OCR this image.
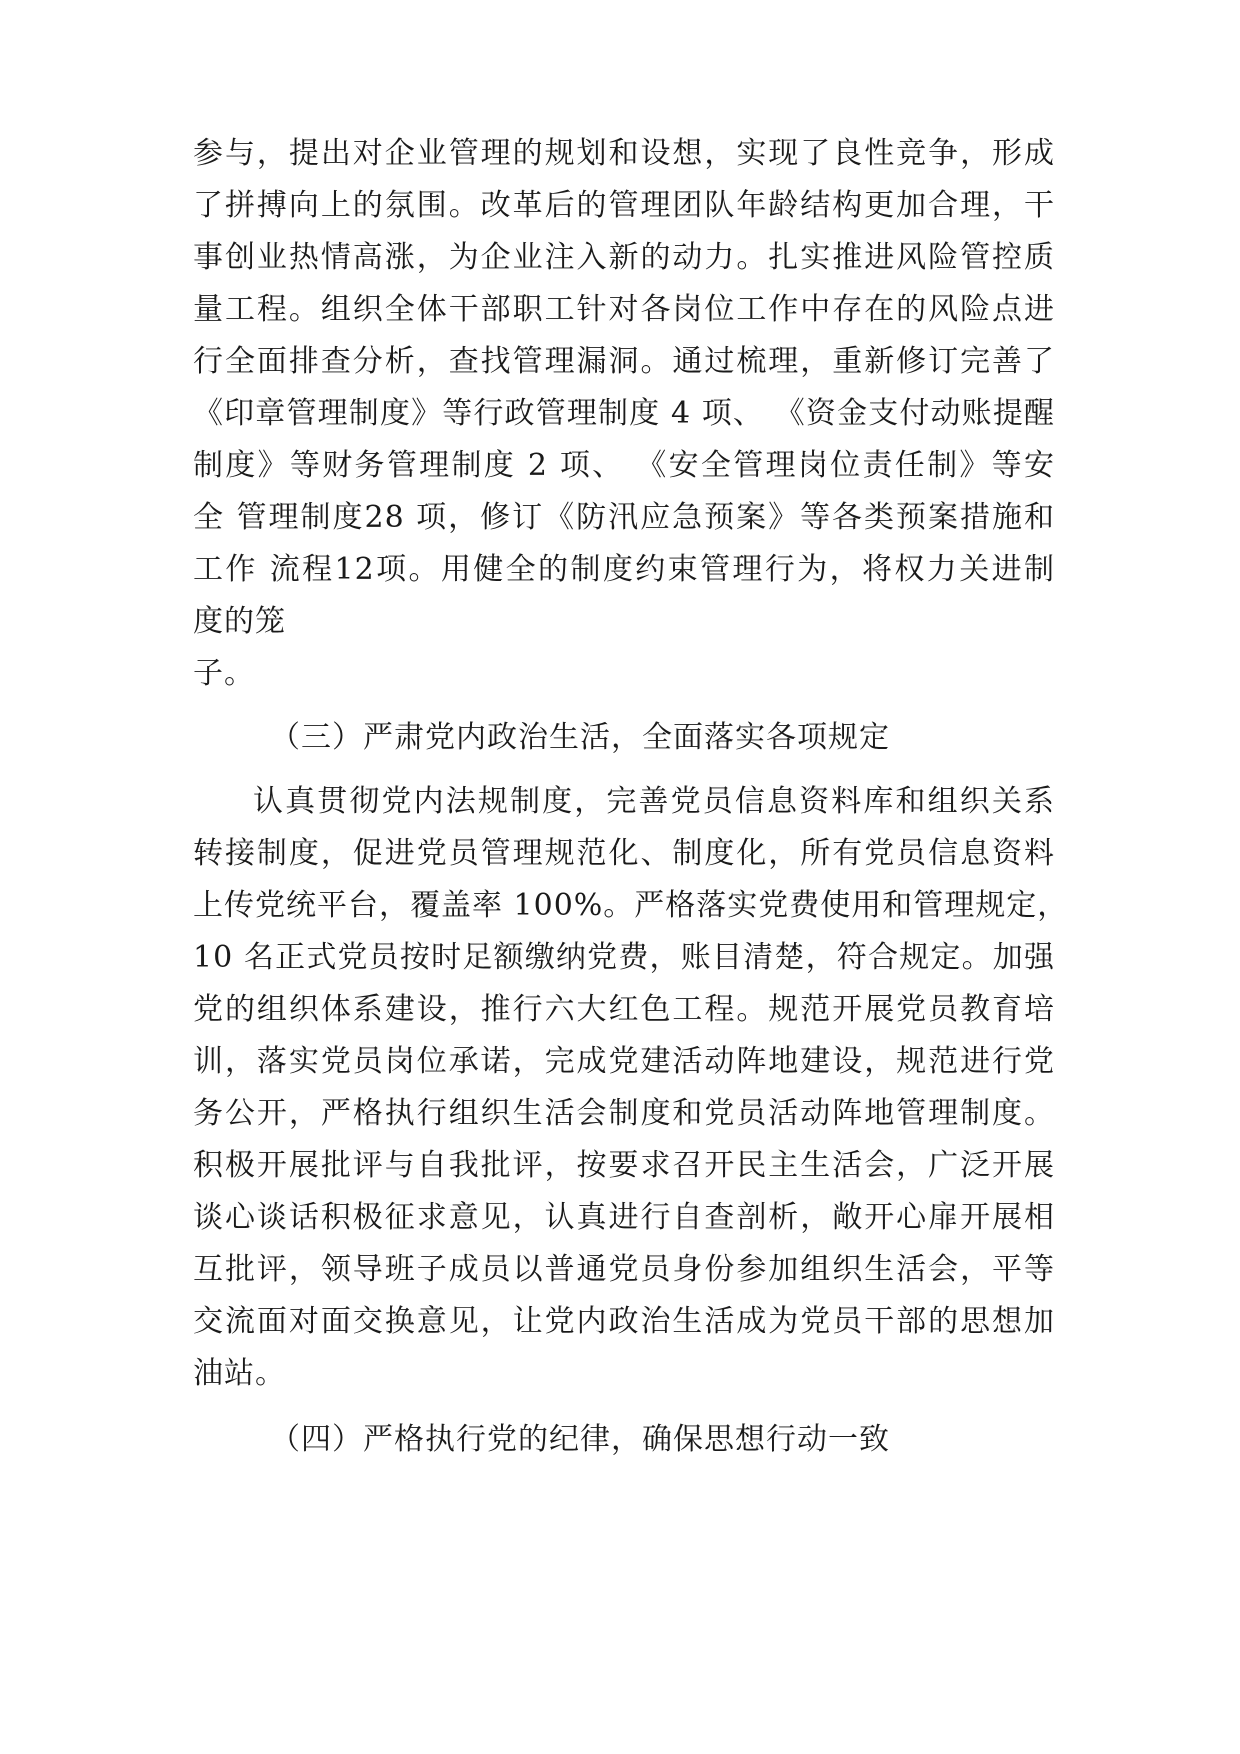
参与，提出对企业管理的规划和设想，实现了良性竞争，形成

了拼搏向上的氛围。改革后的管理团队年龄结构更加合理，干

事创业热情高涨，为企业注入新的动力。扎实推进风险管控质

量工程。组织全体干部职工针对各岗位工作中存在的风险点进

行全面排查分析，查找管理漏洞。通过梳理，重新修订完善了

《印章管理制度》等行政管理制度 4 项、 《资金支付动账提醒

制度》等财务管理制度 2 项、 《安全管理岗位责任制》等安

全 管理制度28 项，修订《防汛应急预案》等各类预案措施和

工作 流程12项。用健全的制度约束管理行为，将权力关进制

度的笼

子。

（三）严肃党内政治生活，全面落实各项规定

认真贯彻党内法规制度，完善党员信息资料库和组织关系

转接制度，促进党员管理规范化、制度化，所有党员信息资料

上传党统平台，覆盖率 100%。严格落实党费使用和管理规定，

10 名正式党员按时足额缴纳党费，账目清楚，符合规定。加强

党的组织体系建设，推行六大红色工程。规范开展党员教育培

训，落实党员岗位承诺，完成党建活动阵地建设，规范进行党

务公开，严格执行组织生活会制度和党员活动阵地管理制度。

积极开展批评与自我批评，按要求召开民主生活会，广泛开展

谈心谈话积极征求意见，认真进行自查剖析，敞开心扉开展相

互批评，领导班子成员以普通党员身份参加组织生活会，平等

交流面对面交换意见，让党内政治生活成为党员干部的思想加

油站。

（四）严格执行党的纪律，确保思想行动一致
